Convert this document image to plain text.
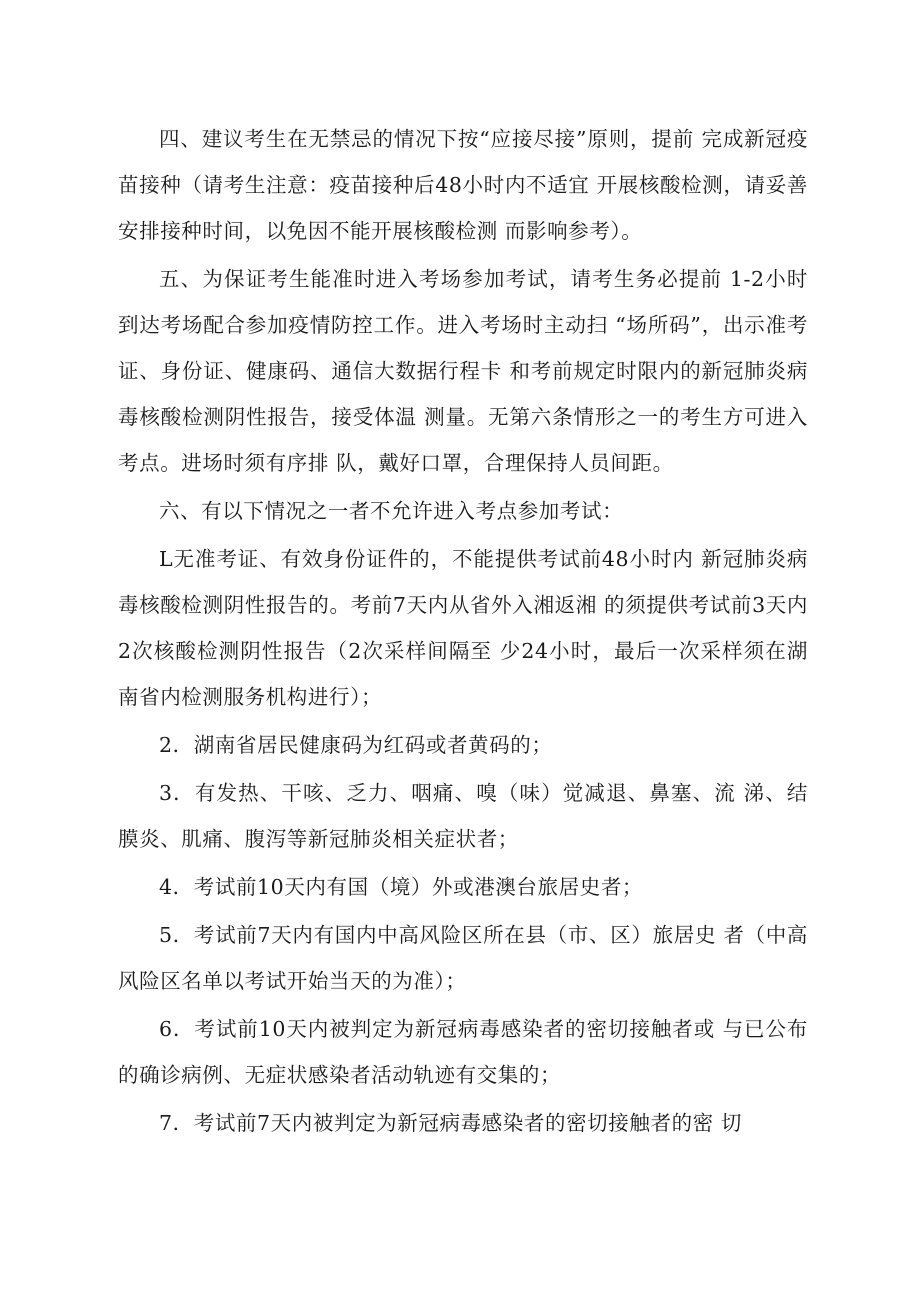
四、建议考生在无禁忌的情况下按“应接尽接”原则，提前 完成新冠疫苗接种（请考生注意：疫苗接种后48小时内不适宜 开展核酸检测，请妥善安排接种时间，以免因不能开展核酸检测 而影响参考）。

五、为保证考生能准时进入考场参加考试，请考生务必提前 1-2小时到达考场配合参加疫情防控工作。进入考场时主动扫 “场所码”，出示准考证、身份证、健康码、通信大数据行程卡 和考前规定时限内的新冠肺炎病毒核酸检测阴性报告，接受体温 测量。无第六条情形之一的考生方可进入考点。进场时须有序排 队，戴好口罩，合理保持人员间距。

六、有以下情况之一者不允许进入考点参加考试：

L无准考证、有效身份证件的，不能提供考试前48小时内 新冠肺炎病毒核酸检测阴性报告的。考前7天内从省外入湘返湘 的须提供考试前3天内2次核酸检测阴性报告（2次采样间隔至 少24小时，最后一次采样须在湖南省内检测服务机构进行）；

2．湖南省居民健康码为红码或者黄码的；

3．有发热、干咳、乏力、咽痛、嗅（味）觉减退、鼻塞、流 涕、结膜炎、肌痛、腹泻等新冠肺炎相关症状者；

4．考试前10天内有国（境）外或港澳台旅居史者；

5．考试前7天内有国内中高风险区所在县（市、区）旅居史 者（中高风险区名单以考试开始当天的为准）；

6．考试前10天内被判定为新冠病毒感染者的密切接触者或 与已公布的确诊病例、无症状感染者活动轨迹有交集的；

7．考试前7天内被判定为新冠病毒感染者的密切接触者的密 切
